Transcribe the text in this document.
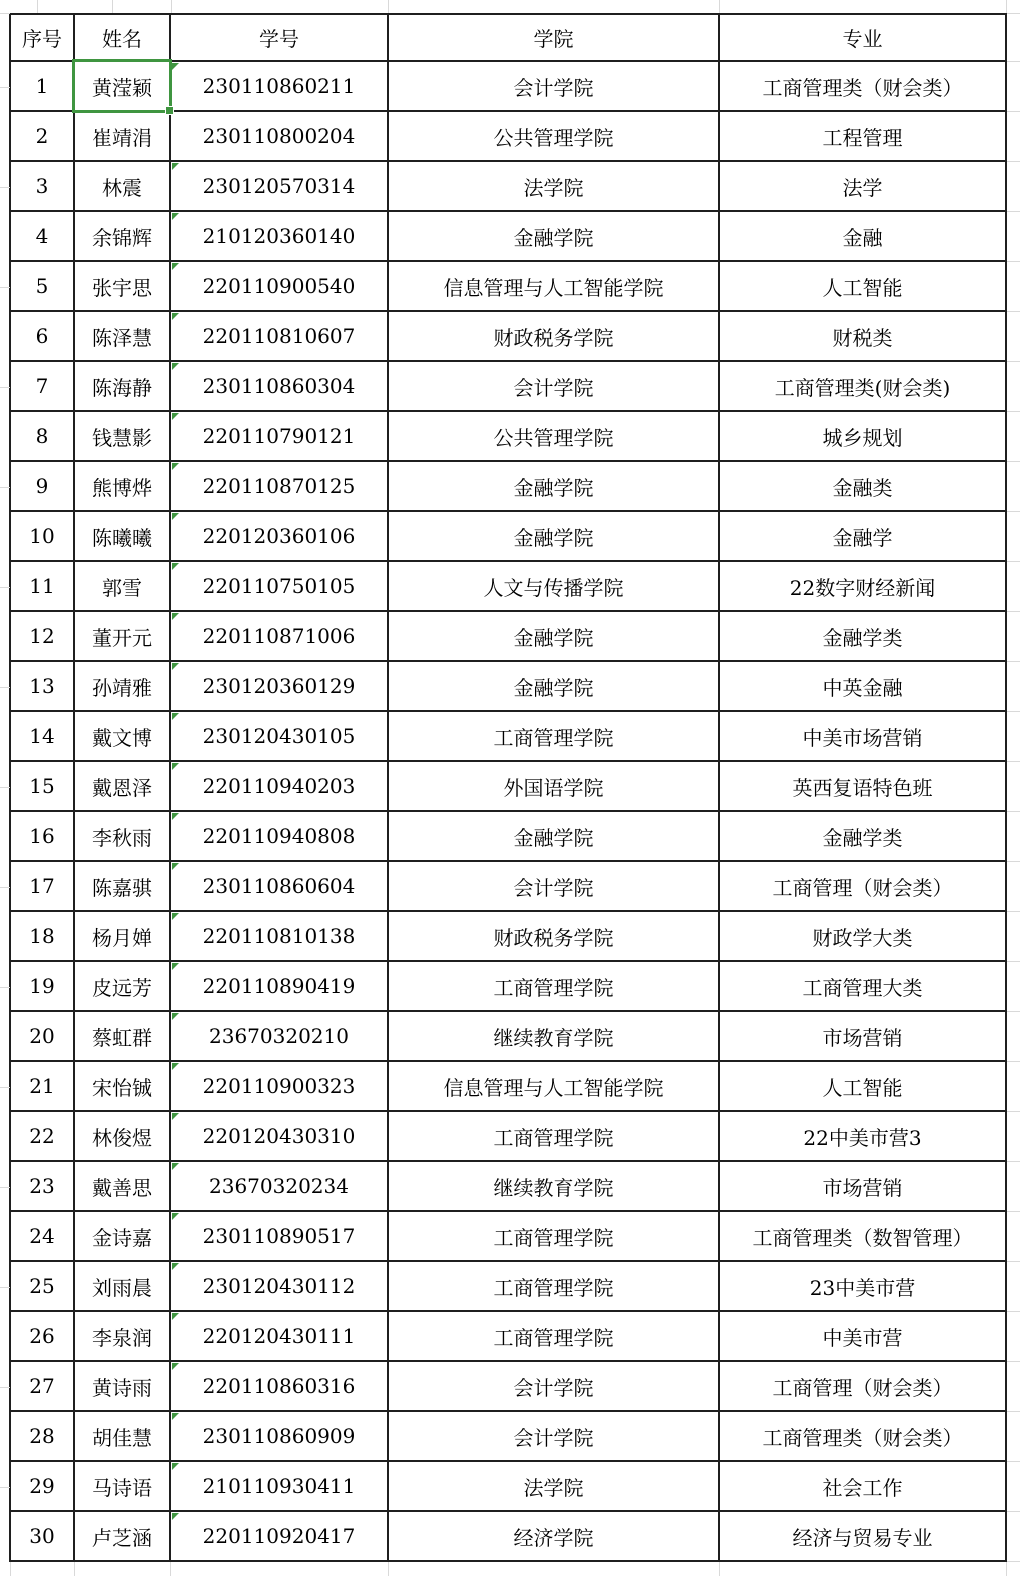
序号	姓名	学号	学院	专业
1	黄滢颖	230110860211	会计学院	工商管理类（财会类）
2	崔靖涓	230110800204	公共管理学院	工程管理
3	林震	230120570314	法学院	法学
4	余锦辉	210120360140	金融学院	金融
5	张宇思	220110900540	信息管理与人工智能学院	人工智能
6	陈泽慧	220110810607	财政税务学院	财税类
7	陈海静	230110860304	会计学院	工商管理类(财会类)
8	钱慧影	220110790121	公共管理学院	城乡规划
9	熊博烨	220110870125	金融学院	金融类
10	陈曦曦	220120360106	金融学院	金融学
11	郭雪	220110750105	人文与传播学院	22数字财经新闻
12	董开元	220110871006	金融学院	金融学类
13	孙靖雅	230120360129	金融学院	中英金融
14	戴文博	230120430105	工商管理学院	中美市场营销
15	戴恩泽	220110940203	外国语学院	英西复语特色班
16	李秋雨	220110940808	金融学院	金融学类
17	陈嘉骐	230110860604	会计学院	工商管理（财会类）
18	杨月婵	220110810138	财政税务学院	财政学大类
19	皮远芳	220110890419	工商管理学院	工商管理大类
20	蔡虹群	23670320210	继续教育学院	市场营销
21	宋怡铖	220110900323	信息管理与人工智能学院	人工智能
22	林俊煜	220120430310	工商管理学院	22中美市营3
23	戴善思	23670320234	继续教育学院	市场营销
24	金诗嘉	230110890517	工商管理学院	工商管理类（数智管理）
25	刘雨晨	230120430112	工商管理学院	23中美市营
26	李泉润	220120430111	工商管理学院	中美市营
27	黄诗雨	220110860316	会计学院	工商管理（财会类）
28	胡佳慧	230110860909	会计学院	工商管理类（财会类）
29	马诗语	210110930411	法学院	社会工作
30	卢芝涵	220110920417	经济学院	经济与贸易专业
